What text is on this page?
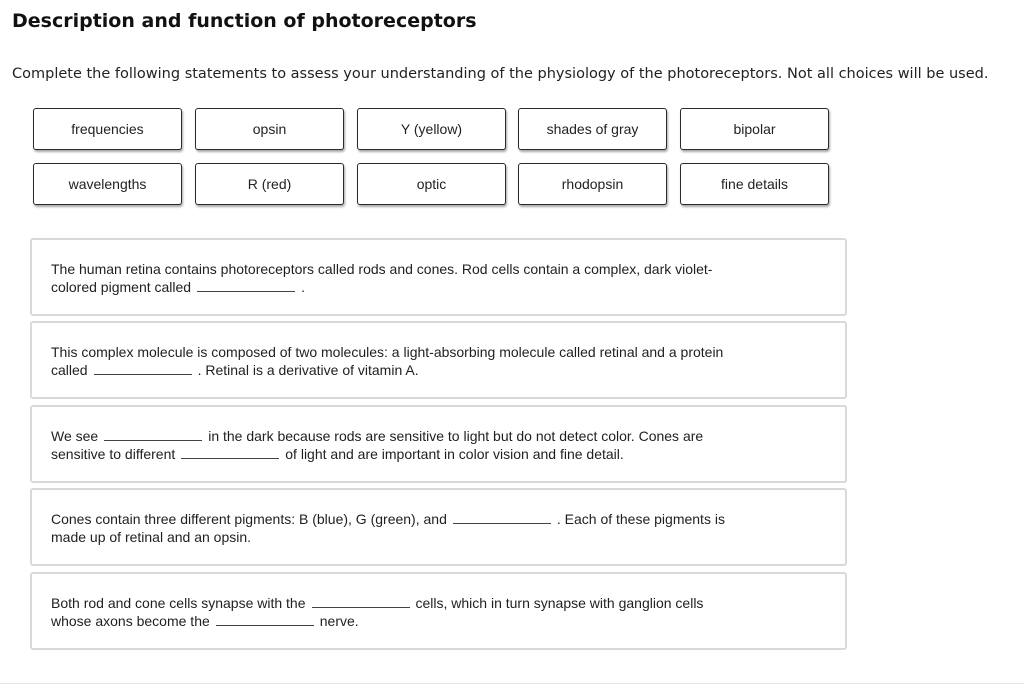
Description and function of photoreceptors
Complete the following statements to assess your understanding of the physiology of the photoreceptors. Not all choices will be used.
frequencies	opsin	Y (yellow)	shades of gray	bipolar
wavelengths	R (red)	optic	rhodopsin	fine details
The human retina contains photoreceptors called rods and cones. Rod cells contain a complex, dark violet-
colored pigment called	.
This complex molecule is composed of two molecules: a light-absorbing molecule called retinal and a protein
called	. Retinal is a derivative of vitamin A.
We see	in the dark because rods are sensitive to light but do not detect color. Cones are
sensitive to different	of light and are important in color vision and fine detail.
Cones contain three different pigments: B (blue), G (green), and	. Each of these pigments is
made up of retinal and an opsin.
Both rod and cone cells synapse with the	cells, which in turn synapse with ganglion cells
whose axons become the	nerve.
